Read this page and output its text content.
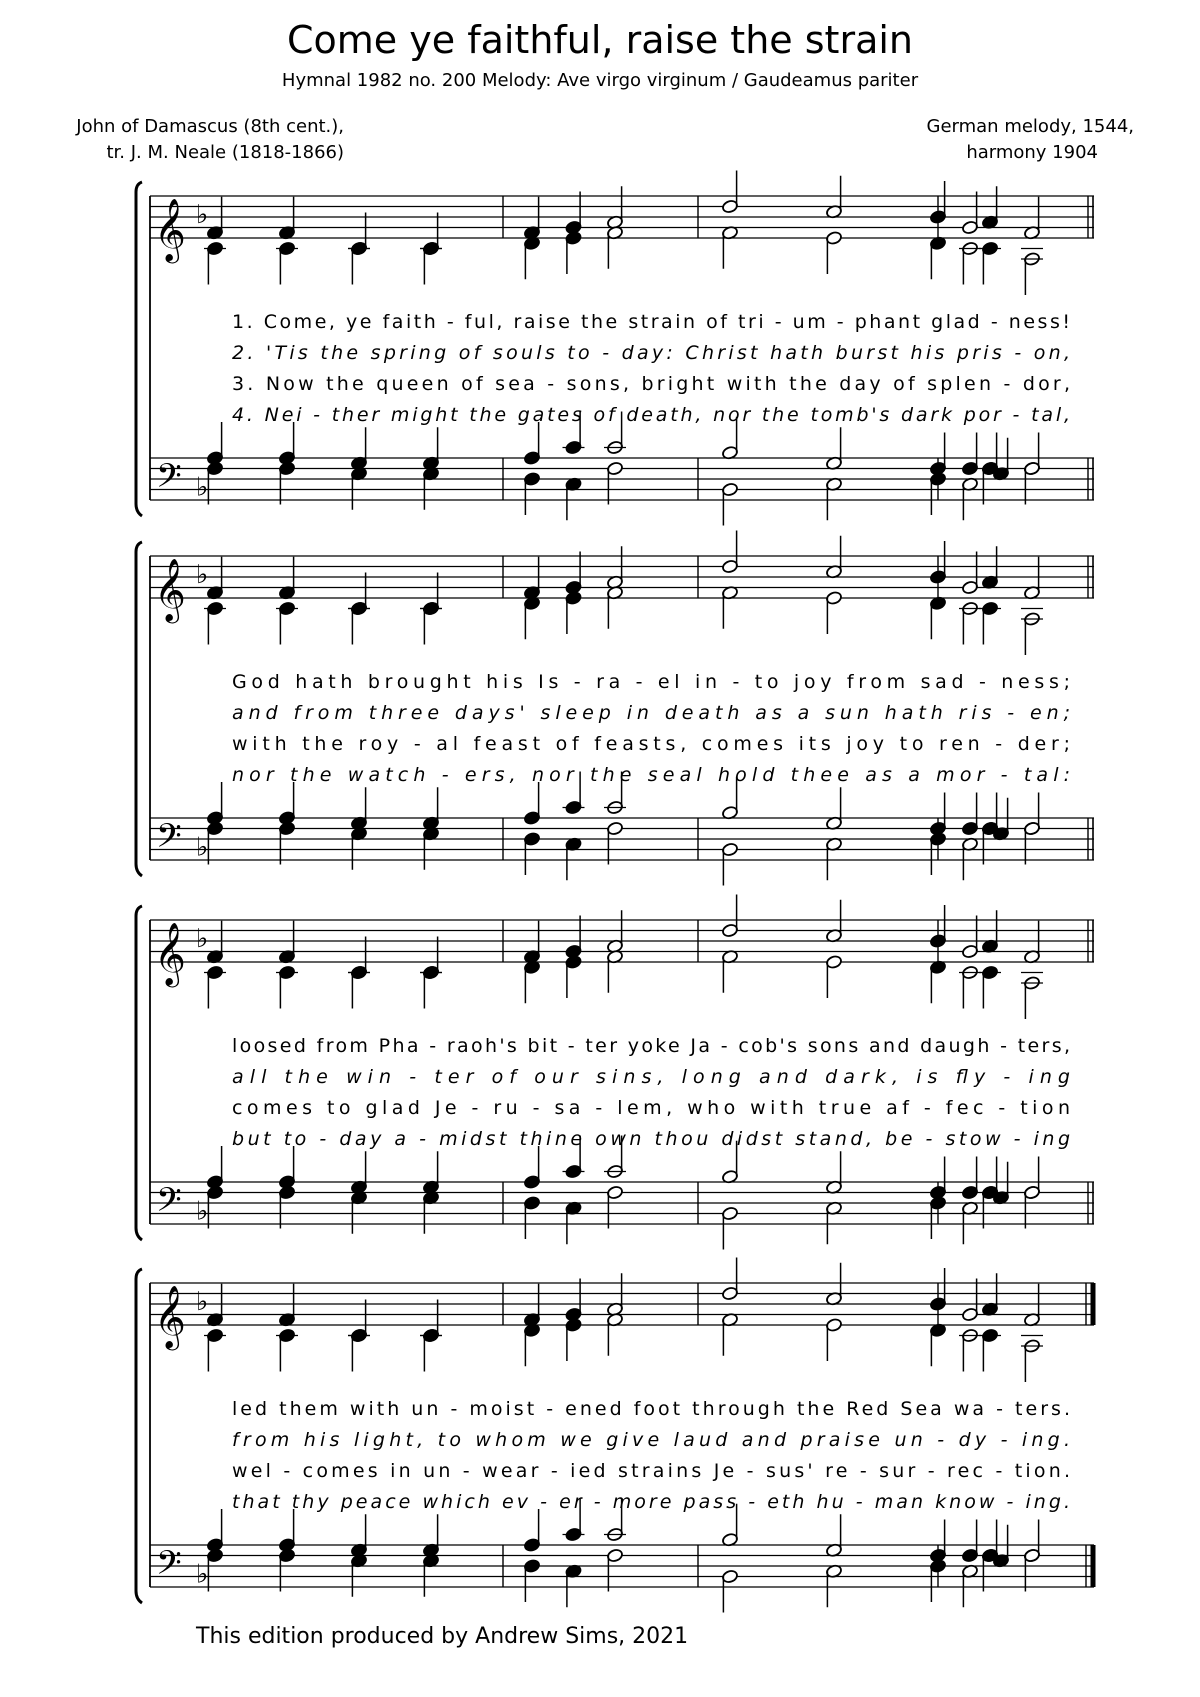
Come ye faithful, raise the strain
Hymnal 1982 no. 200 Melody: Ave virgo virginum / Gaudeamus pariter
John of Damascus (8th cent.),
tr. J. M. Neale (1818-1866)
German melody, 1544,
harmony 1904
𝄞
𝄢
♭
♭
1. Come, ye faith - ful, raise the strain of tri - um - phant glad - ness!
2. 'Tis the spring of souls to - day: Christ hath burst his pris - on,
3. Now the queen of sea - sons, bright with the day of splen - dor,
4. Nei - ther might the gates of death, nor the tomb's dark por - tal,
𝄞
𝄢
♭
♭
God hath brought his Is - ra - el in - to joy from sad - ness;
and from three days' sleep in death as a sun hath ris - en;
with the roy - al feast of feasts, comes its joy to ren - der;
nor the watch - ers, nor the seal hold thee as a mor - tal:
𝄞
𝄢
♭
♭
loosed from Pha - raoh's bit - ter yoke Ja - cob's sons and daugh - ters,
all the win - ter of our sins, long and dark, is fly - ing
comes to glad Je - ru - sa - lem, who with true af - fec - tion
but to - day a - midst thine own thou didst stand, be - stow - ing
𝄞
𝄢
♭
♭
led them with un - moist - ened foot through the Red Sea wa - ters.
from his light, to whom we give laud and praise un - dy - ing.
wel - comes in un - wear - ied strains Je - sus' re - sur - rec - tion.
that thy peace which ev - er - more pass - eth hu - man know - ing.
This edition produced by Andrew Sims, 2021
